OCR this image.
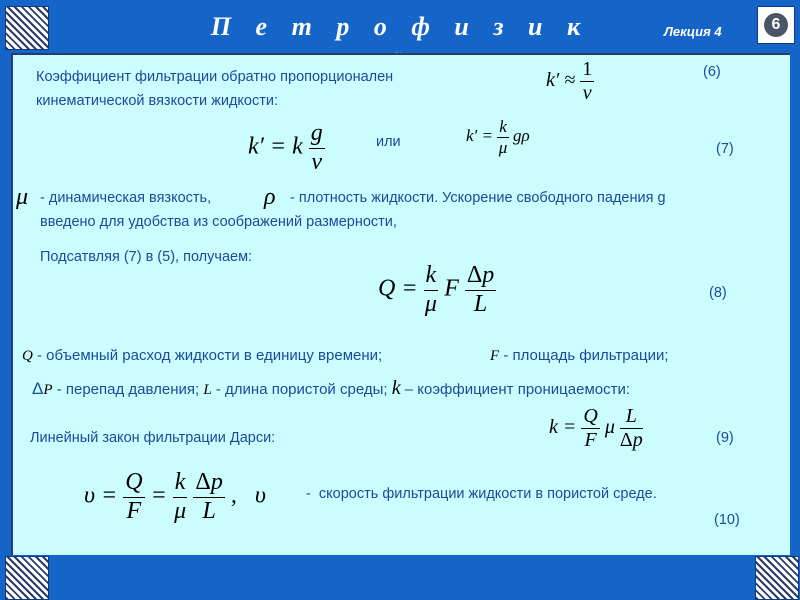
П е т р о ф и з и к	Лекция 4	6
Коэффициент фильтрации обратно пропорционален
кинематической вязкости жидкости:
$k' \approx \frac{1}{\nu}$	(6)
k′ = k $\frac{g}{\nu}$	или	$k' = \frac{k}{\mu}$ gρ
(7)
μ - динамическая вязкость, ρ - плотность жидкости. Ускорение свободного падения g
введено для удобства из соображений размерности,
Подсатвляя (7) в (5), получаем:
$Q = \frac{k}{\mu}$ F $\frac{\Delta p}{L}$	(8)
Q - объемный расход жидкости в единицу времени;	F - площадь фильтрации;
ΔP - перепад давления; L - длина пористой среды; k – коэффициент проницаемости:
Линейный закон фильтрации Дарси:	$k = \frac{Q}{F}$ μ $\frac{L}{\Delta p}$	(9)
$\upsilon = \frac{Q}{F} = \frac{k}{\mu}$
$\frac{\Delta p}{L}$ ,   υ	- скорость фильтрации жидкости в пористой среде.
(10)
